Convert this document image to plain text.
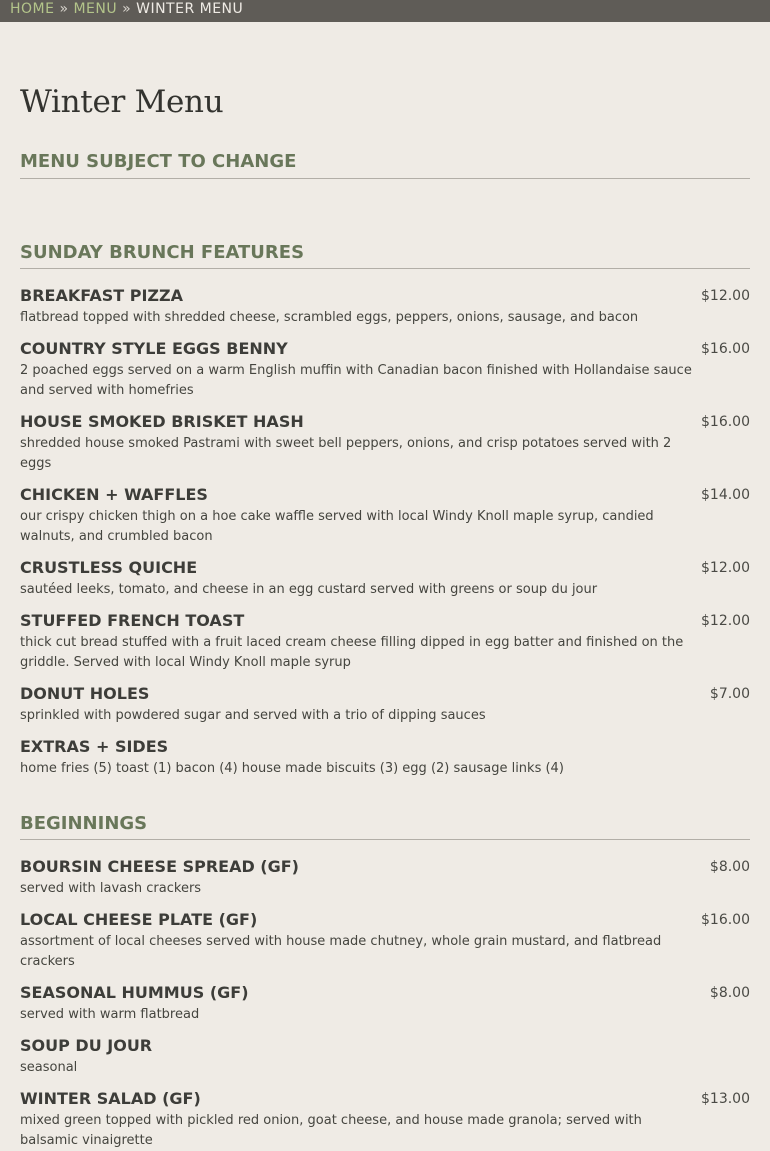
HOME » MENU » WINTER MENU
Winter Menu
MENU SUBJECT TO CHANGE
SUNDAY BRUNCH FEATURES
BREAKFAST PIZZA
flatbread topped with shredded cheese, scrambled eggs, peppers, onions, sausage, and bacon
$12.00
COUNTRY STYLE EGGS BENNY
2 poached eggs served on a warm English muffin with Canadian bacon finished with Hollandaise sauce and served with homefries
$16.00
HOUSE SMOKED BRISKET HASH
shredded house smoked Pastrami with sweet bell peppers, onions, and crisp potatoes served with 2 eggs
$16.00
CHICKEN + WAFFLES
our crispy chicken thigh on a hoe cake waffle served with local Windy Knoll maple syrup, candied walnuts, and crumbled bacon
$14.00
CRUSTLESS QUICHE
sautéed leeks, tomato, and cheese in an egg custard served with greens or soup du jour
$12.00
STUFFED FRENCH TOAST
thick cut bread stuffed with a fruit laced cream cheese filling dipped in egg batter and finished on the griddle. Served with local Windy Knoll maple syrup
$12.00
DONUT HOLES
sprinkled with powdered sugar and served with a trio of dipping sauces
$7.00
EXTRAS + SIDES
home fries (5) toast (1) bacon (4) house made biscuits (3) egg (2) sausage links (4)
BEGINNINGS
BOURSIN CHEESE SPREAD (GF)
served with lavash crackers
$8.00
LOCAL CHEESE PLATE (GF)
assortment of local cheeses served with house made chutney, whole grain mustard, and flatbread crackers
$16.00
SEASONAL HUMMUS (GF)
served with warm flatbread
$8.00
SOUP DU JOUR
seasonal
WINTER SALAD (GF)
mixed green topped with pickled red onion, goat cheese, and house made granola; served with balsamic vinaigrette
$13.00
